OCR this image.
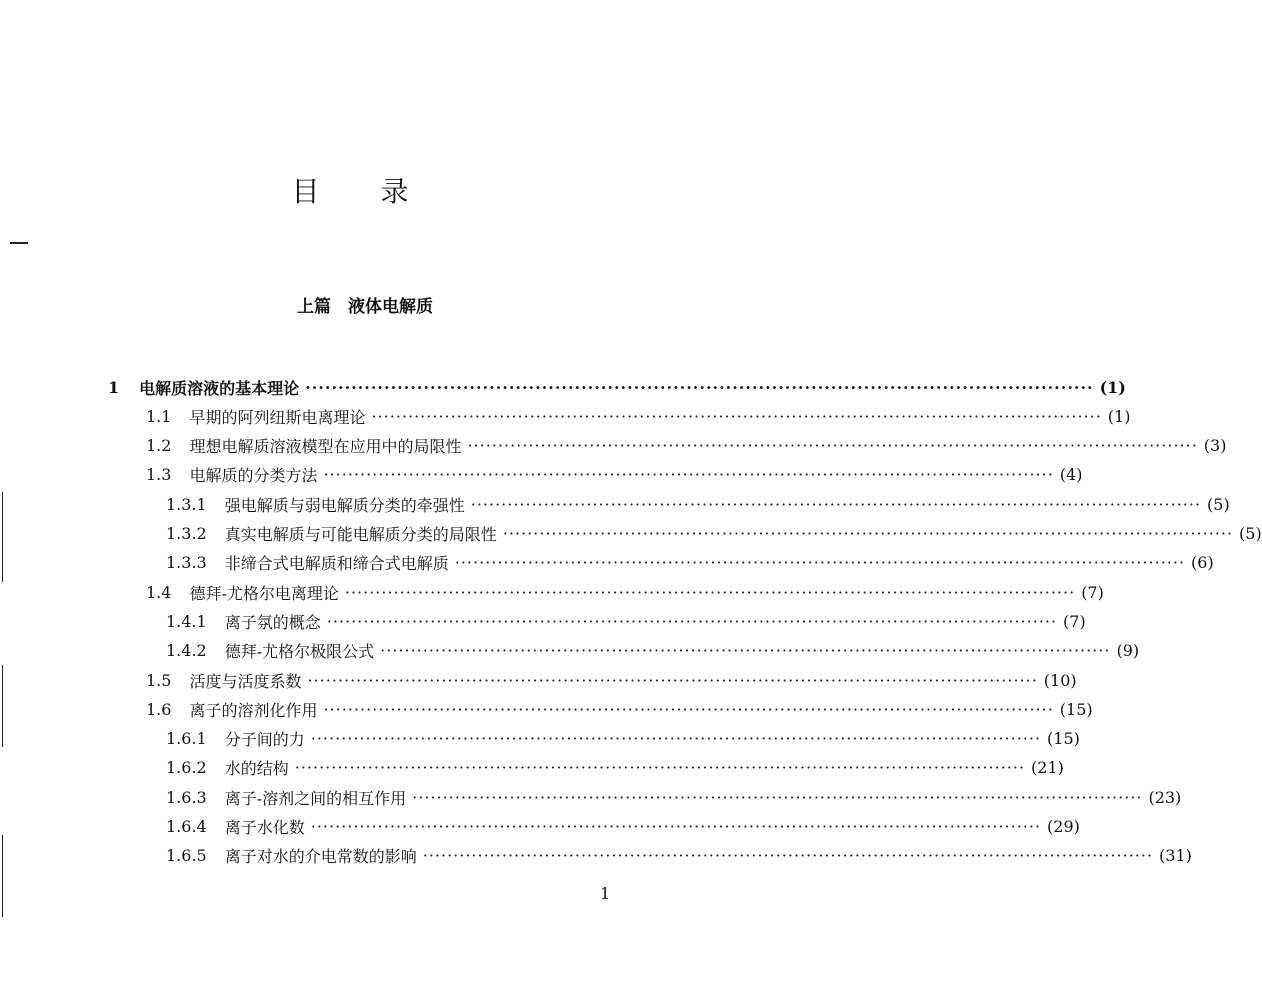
目 录
上篇　液体电解质
1 电解质溶液的基本理论 ························································································································ (1)
1.1 早期的阿列纽斯电离理论 ························································································································ (1)
1.2 理想电解质溶液模型在应用中的局限性 ························································································································ (3)
1.3 电解质的分类方法 ························································································································ (4)
1.3.1 强电解质与弱电解质分类的牵强性 ························································································································ (5)
1.3.2 真实电解质与可能电解质分类的局限性 ························································································································ (5)
1.3.3 非缔合式电解质和缔合式电解质 ························································································································ (6)
1.4 德拜-尤格尔电离理论 ························································································································ (7)
1.4.1 离子氛的概念 ························································································································ (7)
1.4.2 德拜-尤格尔极限公式 ························································································································ (9)
1.5 活度与活度系数 ························································································································ (10)
1.6 离子的溶剂化作用 ························································································································ (15)
1.6.1 分子间的力 ························································································································ (15)
1.6.2 水的结构 ························································································································ (21)
1.6.3 离子-溶剂之间的相互作用 ························································································································ (23)
1.6.4 离子水化数 ························································································································ (29)
1.6.5 离子对水的介电常数的影响 ························································································································ (31)
1
